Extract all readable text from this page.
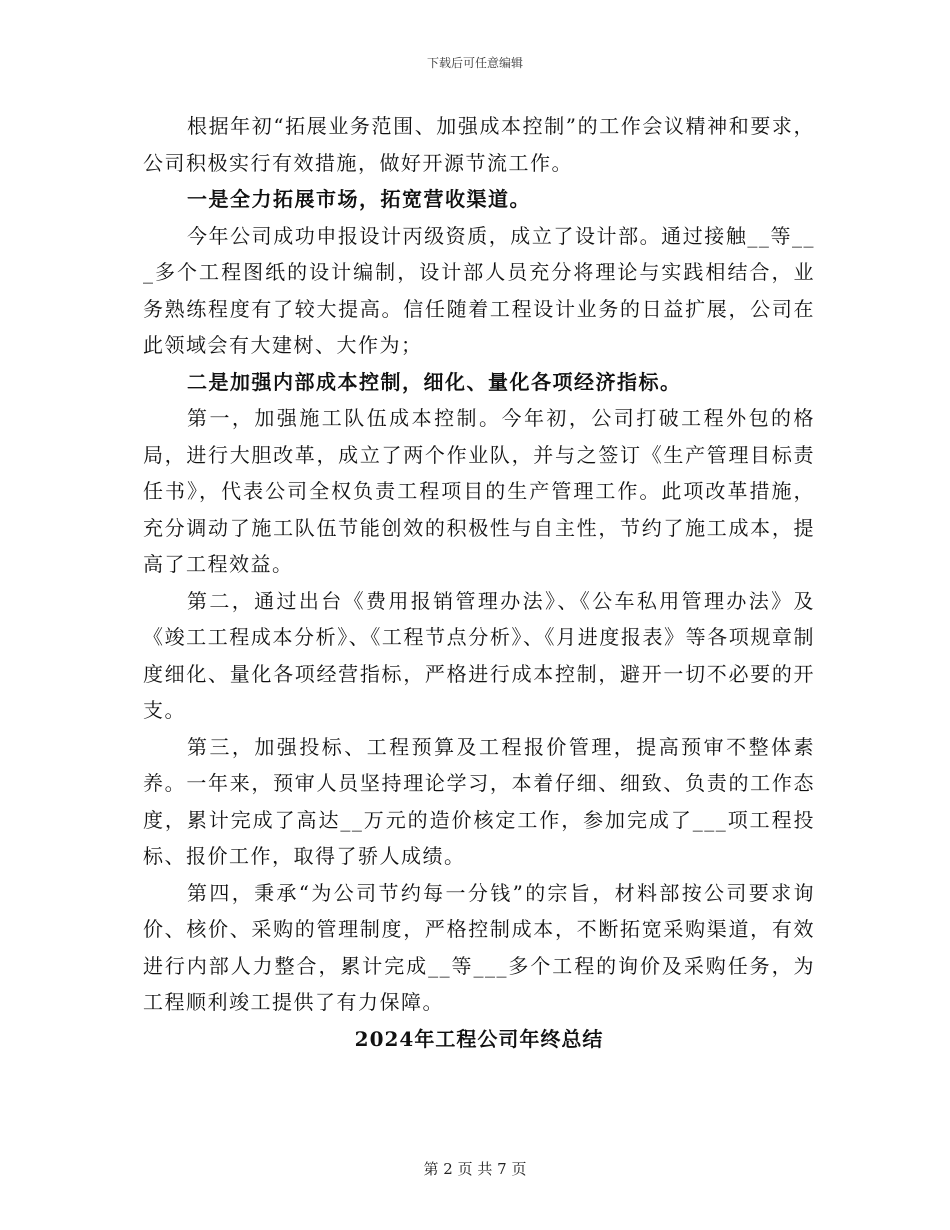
下载后可任意编辑

根据年初“拓展业务范围、加强成本控制”的工作会议精神和要求，公司积极实行有效措施，做好开源节流工作。

一是全力拓展市场，拓宽营收渠道。

今年公司成功申报设计丙级资质，成立了设计部。通过接触__等___多个工程图纸的设计编制，设计部人员充分将理论与实践相结合，业务熟练程度有了较大提高。信任随着工程设计业务的日益扩展，公司在此领域会有大建树、大作为；

二是加强内部成本控制，细化、量化各项经济指标。

第一，加强施工队伍成本控制。今年初，公司打破工程外包的格局，进行大胆改革，成立了两个作业队，并与之签订《生产管理目标责任书》，代表公司全权负责工程项目的生产管理工作。此项改革措施，充分调动了施工队伍节能创效的积极性与自主性，节约了施工成本，提高了工程效益。

第二，通过出台《费用报销管理办法》、《公车私用管理办法》及《竣工工程成本分析》、《工程节点分析》、《月进度报表》等各项规章制度细化、量化各项经营指标，严格进行成本控制，避开一切不必要的开支。

第三，加强投标、工程预算及工程报价管理，提高预审不整体素养。一年来，预审人员坚持理论学习，本着仔细、细致、负责的工作态度，累计完成了高达__万元的造价核定工作，参加完成了___项工程投标、报价工作，取得了骄人成绩。

第四，秉承“为公司节约每一分钱”的宗旨，材料部按公司要求询价、核价、采购的管理制度，严格控制成本，不断拓宽采购渠道，有效进行内部人力整合，累计完成__等___多个工程的询价及采购任务，为工程顺利竣工提供了有力保障。

2024年工程公司年终总结
第 2 页 共 7 页
